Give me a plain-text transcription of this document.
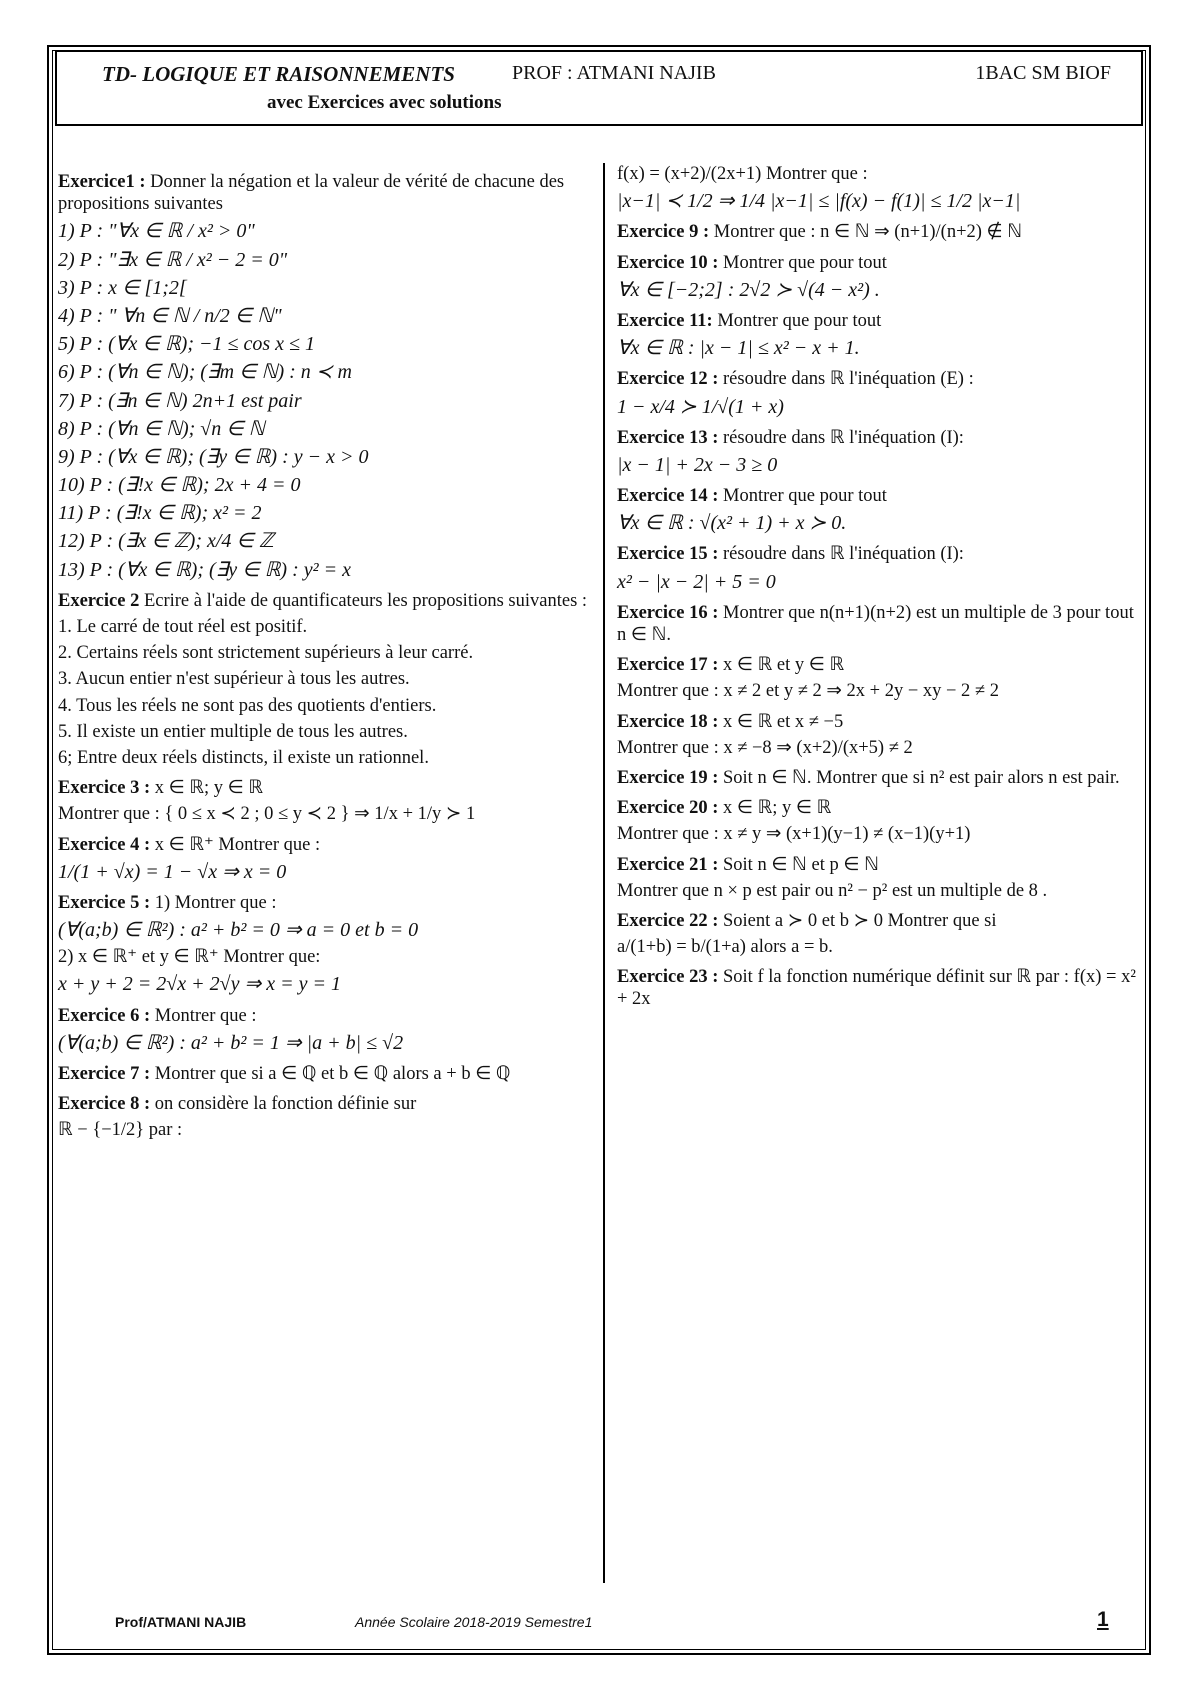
TD- LOGIQUE ET RAISONNEMENTS	PROF : ATMANI NAJIB	1BAC SM BIOF
avec Exercices avec solutions
Exercice1 : Donner la négation et la valeur de vérité de chacune des propositions suivantes
1) P : "∀x ∈ ℝ / x² > 0"
2) P : "∃x ∈ ℝ / x² − 2 = 0"
3) P : x ∈ [1;2[
4) P : " ∀n ∈ ℕ / n/2 ∈ ℕ"
5) P : (∀x ∈ ℝ); −1 ≤ cos x ≤ 1
6) P : (∀n ∈ ℕ); (∃m ∈ ℕ) : n ≺ m
7) P : (∃n ∈ ℕ) 2n+1 est pair
8) P : (∀n ∈ ℕ); √n ∈ ℕ
9) P : (∀x ∈ ℝ); (∃y ∈ ℝ) : y − x > 0
10) P : (∃!x ∈ ℝ); 2x + 4 = 0
11) P : (∃!x ∈ ℝ); x² = 2
12) P : (∃x ∈ ℤ); x/4 ∈ ℤ
13) P : (∀x ∈ ℝ); (∃y ∈ ℝ) : y² = x
Exercice 2 Ecrire à l'aide de quantificateurs les propositions suivantes :
1. Le carré de tout réel est positif.
2. Certains réels sont strictement supérieurs à leur carré.
3. Aucun entier n'est supérieur à tous les autres.
4. Tous les réels ne sont pas des quotients d'entiers.
5. Il existe un entier multiple de tous les autres.
6; Entre deux réels distincts, il existe un rationnel.
Exercice 3 : x ∈ ℝ; y ∈ ℝ
Montrer que : { 0 ≤ x ≺ 2 ; 0 ≤ y ≺ 2 } ⇒ 1/x + 1/y ≻ 1
Exercice 4 : x ∈ ℝ⁺ Montrer que :
1/(1 + √x) = 1 − √x ⇒ x = 0
Exercice 5 : 1) Montrer que :
(∀(a;b) ∈ ℝ²) : a² + b² = 0 ⇒ a = 0 et b = 0
2) x ∈ ℝ⁺ et y ∈ ℝ⁺ Montrer que:
x + y + 2 = 2√x + 2√y ⇒ x = y = 1
Exercice 6 : Montrer que :
(∀(a;b) ∈ ℝ²) : a² + b² = 1 ⇒ |a + b| ≤ √2
Exercice 7 : Montrer que si a ∈ ℚ et b ∈ ℚ alors a + b ∈ ℚ
Exercice 8 : on considère la fonction définie sur
ℝ − {−1/2} par :
f(x) = (x+2)/(2x+1) Montrer que :
|x−1| ≺ 1/2 ⇒ 1/4 |x−1| ≤ |f(x) − f(1)| ≤ 1/2 |x−1|
Exercice 9 : Montrer que : n ∈ ℕ ⇒ (n+1)/(n+2) ∉ ℕ
Exercice 10 : Montrer que pour tout
∀x ∈ [−2;2] : 2√2 ≻ √(4 − x²) .
Exercice 11: Montrer que pour tout
∀x ∈ ℝ : |x − 1| ≤ x² − x + 1.
Exercice 12 : résoudre dans ℝ l'inéquation (E) :
1 − x/4 ≻ 1/√(1 + x)
Exercice 13 : résoudre dans ℝ l'inéquation (I):
|x − 1| + 2x − 3 ≥ 0
Exercice 14 : Montrer que pour tout
∀x ∈ ℝ : √(x² + 1) + x ≻ 0.
Exercice 15 : résoudre dans ℝ l'inéquation (I):
x² − |x − 2| + 5 = 0
Exercice 16 : Montrer que n(n+1)(n+2) est un multiple de 3 pour tout n ∈ ℕ.
Exercice 17 : x ∈ ℝ et y ∈ ℝ
Montrer que : x ≠ 2 et y ≠ 2 ⇒ 2x + 2y − xy − 2 ≠ 2
Exercice 18 : x ∈ ℝ et x ≠ −5
Montrer que : x ≠ −8 ⇒ (x+2)/(x+5) ≠ 2
Exercice 19 : Soit n ∈ ℕ. Montrer que si n² est pair alors n est pair.
Exercice 20 : x ∈ ℝ; y ∈ ℝ
Montrer que : x ≠ y ⇒ (x+1)(y−1) ≠ (x−1)(y+1)
Exercice 21 : Soit n ∈ ℕ et p ∈ ℕ
Montrer que n × p est pair ou n² − p² est un multiple de 8 .
Exercice 22 : Soient a ≻ 0 et b ≻ 0 Montrer que si
a/(1+b) = b/(1+a) alors a = b.
Exercice 23 : Soit f la fonction numérique définit sur ℝ par : f(x) = x² + 2x
Prof/ATMANI NAJIB	Année Scolaire 2018-2019 Semestre1	1
